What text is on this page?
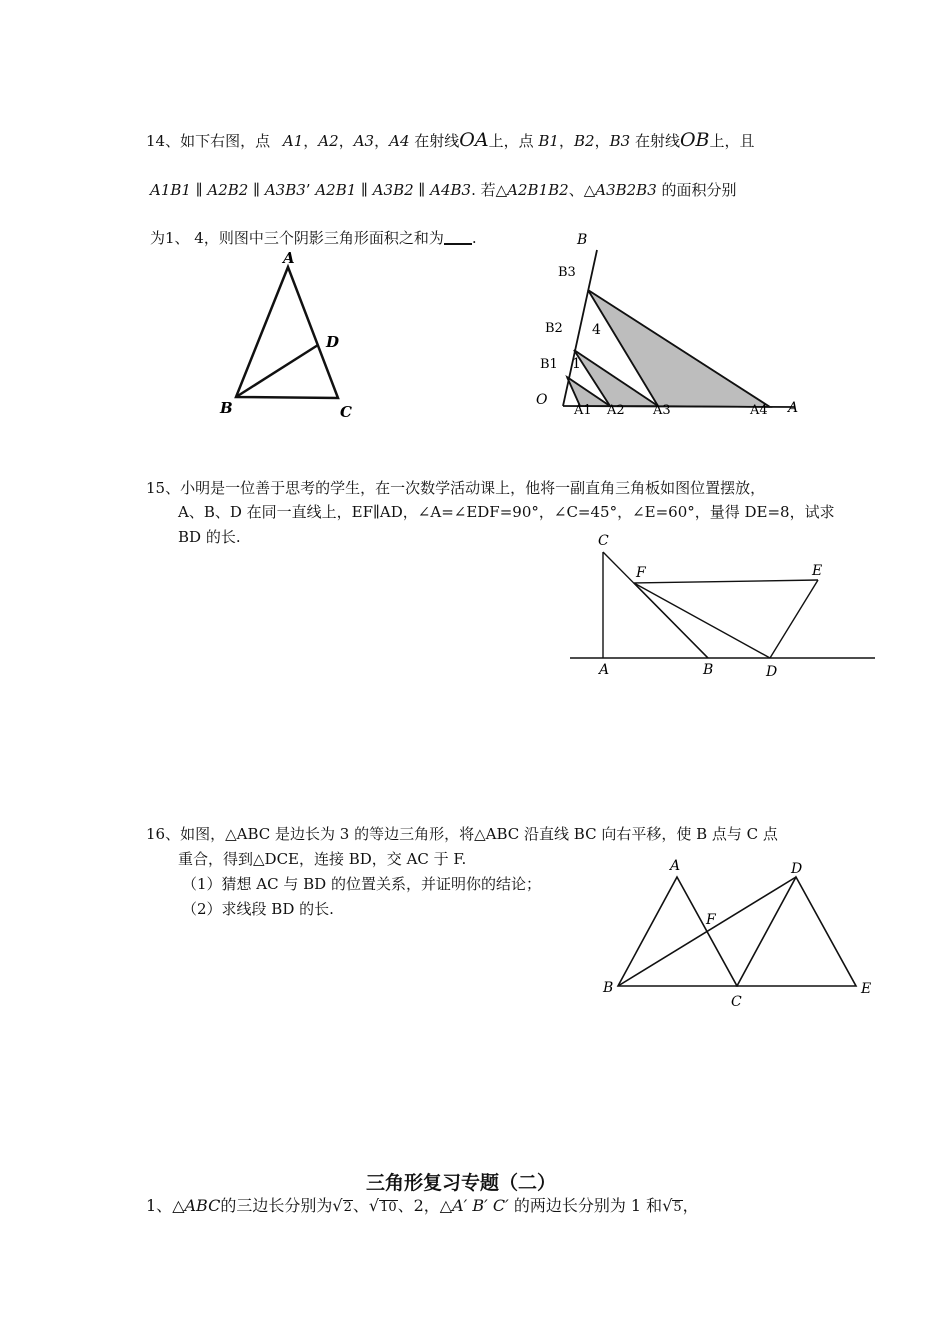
14、如下右图，点 A1，A2，A3，A4 在射线OA上，点 B1，B2，B3 在射线OB上，且
A1B1 ∥ A2B2 ∥ A3B3’ A2B1 ∥ A3B2 ∥ A4B3. 若△A2B1B2、△A3B2B3 的面积分别
为1、 4，则图中三个阴影三角形面积之和为 .
A
B	C
D
B
B3
B2
B1
O
A1 A2 A3	A4 A
1
4
15、小明是一位善于思考的学生，在一次数学活动课上，他将一副直角三角板如图位置摆放，
A、B、D 在同一直线上，EF∥AD，∠A=∠EDF=90°，∠C=45°，∠E=60°，量得 DE=8，试求
BD 的长.	C
F	E
A	B	D
16、如图，△ABC 是边长为 3 的等边三角形，将△ABC 沿直线 BC 向右平移，使 B 点与 C 点
重合，得到△DCE，连接 BD，交 AC 于 F.
（1）猜想 AC 与 BD 的位置关系，并证明你的结论；
（2）求线段 BD 的长.
A	D
F
B
C
E
三角形复习专题（二）
1、△ABC的三边长分别为√2、√10、2，△A′ B′ C′ 的两边长分别为 1 和√5，
